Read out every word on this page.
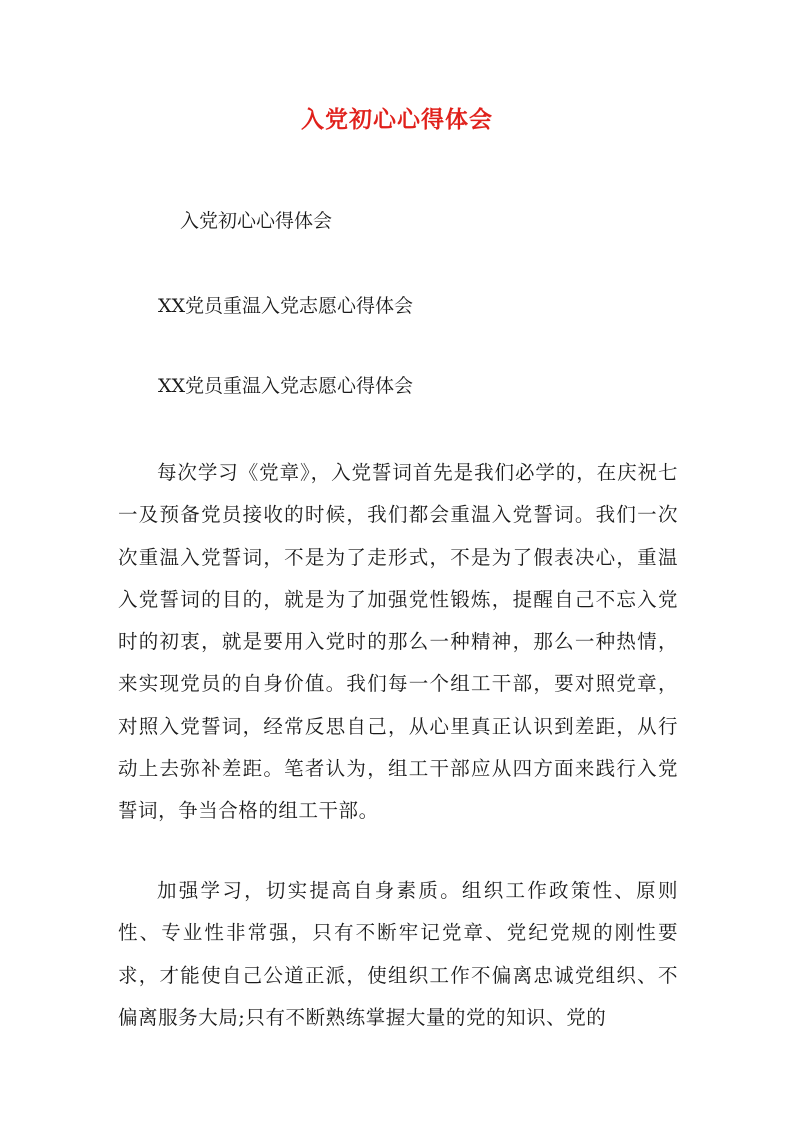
入党初心心得体会
入党初心心得体会
XX党员重温入党志愿心得体会
XX党员重温入党志愿心得体会

每次学习《党章》，入党誓词首先是我们必学的，在庆祝七一及预备党员接收的时候，我们都会重温入党誓词。我们一次次重温入党誓词，不是为了走形式，不是为了假表决心，重温入党誓词的目的，就是为了加强党性锻炼，提醒自己不忘入党时的初衷，就是要用入党时的那么一种精神，那么一种热情，来实现党员的自身价值。我们每一个组工干部，要对照党章，对照入党誓词，经常反思自己，从心里真正认识到差距，从行动上去弥补差距。笔者认为，组工干部应从四方面来践行入党誓词，争当合格的组工干部。

加强学习，切实提高自身素质。组织工作政策性、原则性、专业性非常强，只有不断牢记党章、党纪党规的刚性要求，才能使自己公道正派，使组织工作不偏离忠诚党组织、不偏离服务大局;只有不断熟练掌握大量的党的知识、党的
